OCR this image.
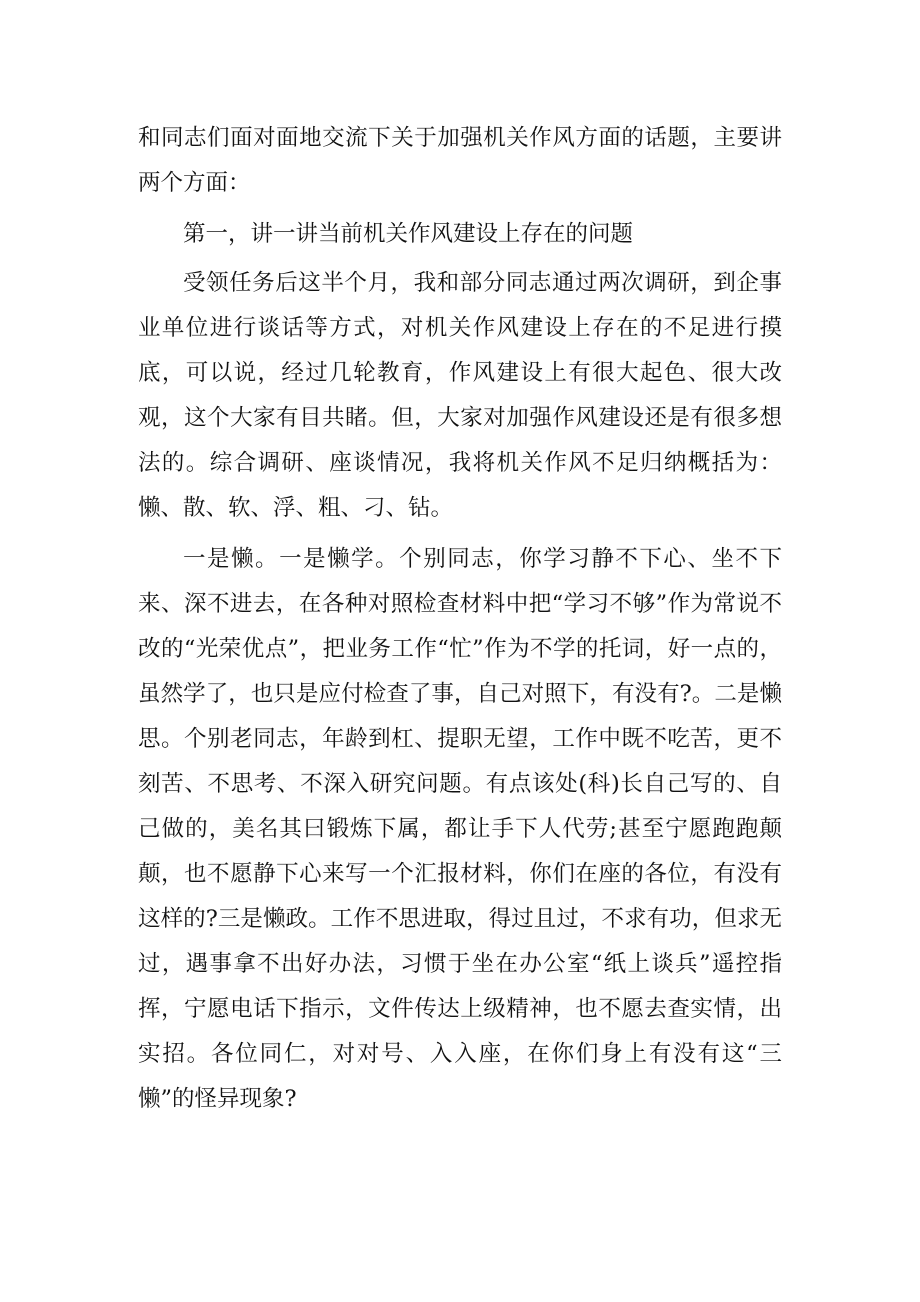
和同志们面对面地交流下关于加强机关作风方面的话题，主要讲两个方面：

第一，讲一讲当前机关作风建设上存在的问题

受领任务后这半个月，我和部分同志通过两次调研，到企事业单位进行谈话等方式，对机关作风建设上存在的不足进行摸底，可以说，经过几轮教育，作风建设上有很大起色、很大改观，这个大家有目共睹。但，大家对加强作风建设还是有很多想法的。综合调研、座谈情况，我将机关作风不足归纳概括为：懒、散、软、浮、粗、刁、钻。

一是懒。一是懒学。个别同志，你学习静不下心、坐不下来、深不进去，在各种对照检查材料中把“学习不够”作为常说不改的“光荣优点”，把业务工作“忙”作为不学的托词，好一点的，虽然学了，也只是应付检查了事，自己对照下，有没有?。二是懒思。个别老同志，年龄到杠、提职无望，工作中既不吃苦，更不刻苦、不思考、不深入研究问题。有点该处(科)长自己写的、自己做的，美名其曰锻炼下属，都让手下人代劳;甚至宁愿跑跑颠颠，也不愿静下心来写一个汇报材料，你们在座的各位，有没有这样的?三是懒政。工作不思进取，得过且过，不求有功，但求无过，遇事拿不出好办法，习惯于坐在办公室“纸上谈兵”遥控指挥，宁愿电话下指示，文件传达上级精神，也不愿去查实情，出实招。各位同仁，对对号、入入座，在你们身上有没有这“三懒”的怪异现象?
